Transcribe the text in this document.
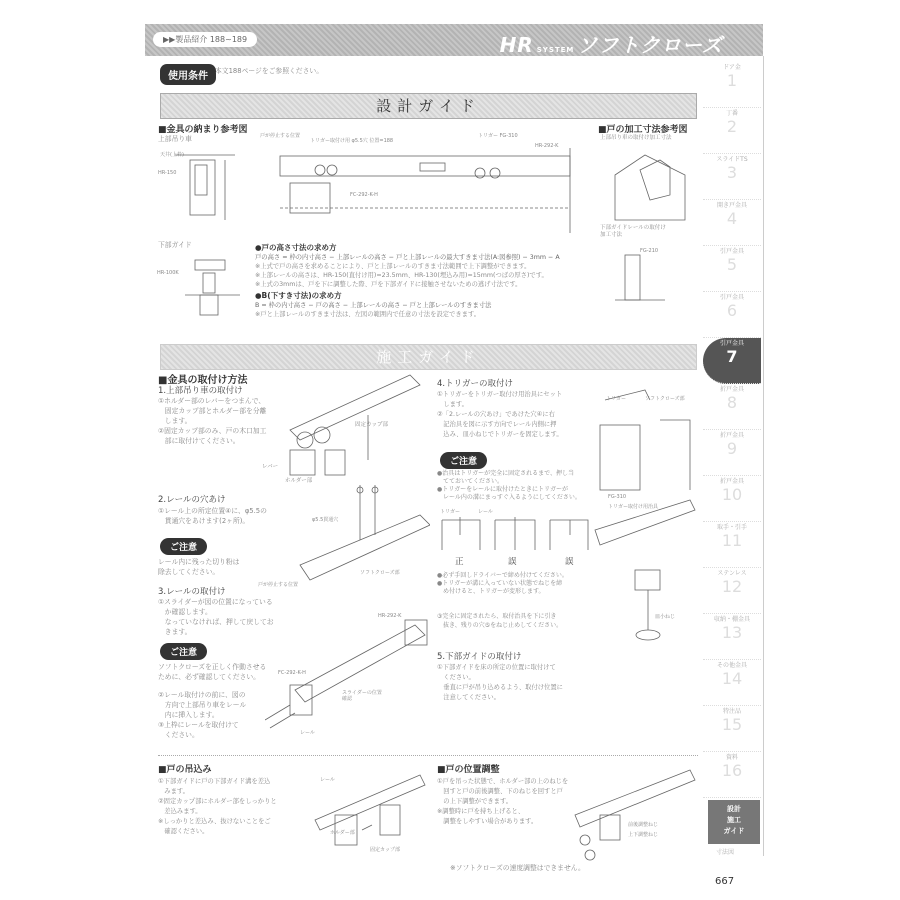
▶▶製品紹介 188~189	HR SYSTEM ソフトクローズ
使用条件	本文188ページをご参照ください。
設計ガイド
■金具の納まり参考図
上部吊り車
天井(上枠)
HR-150
戸が停止する位置
トリガー取付け用 φ5.5穴 位置=188
トリガー FG-310
HR-292-K
FC-292-K-H
■戸の加工寸法参考図
上部吊り車の取付け加工寸法
下部ガイドレールの取付け加工寸法
FG-210
下部ガイド
HR-100K
●戸の高さ寸法の求め方
戸の高さ = 枠の内寸高さ − 上部レールの高さ − 戸と上部レールの最大すきま寸法(A:図参照) − 3mm − A
※上式で戸の高さを求めることにより、戸と上部レールのすきま寸法範囲で上下調整ができます。
※上部レールの高さは、HR-150(直付け用)=23.5mm、HR-130(埋込み用)=15mm(つばの厚さ)です。
※上式の3mmは、戸を下に調整した際、戸を下部ガイドに接触させないための逃げ寸法です。
●B(下すき寸法)の求め方
B = 枠の内寸高さ − 戸の高さ − 上部レールの高さ − 戸と上部レールのすきま寸法
※戸と上部レールのすきま寸法は、左図の範囲内で任意の寸法を設定できます。
施工ガイド
■金具の取付け方法
1.上部吊り車の取付け
①ホルダー部のレバーをつまんで、
　固定カップ部とホルダー部を分離
　します。
②固定カップ部のみ、戸の木口加工
　部に取付けてください。
固定カップ部
レバー
ホルダー部
2.レールの穴あけ
①レール上の所定位置④に、φ5.5の
　貫通穴をあけます(2ヶ所)。
ご注意
レール内に残った切り粉は
除去してください。
φ5.5貫通穴
戸が停止する位置
ソフトクローズ部
3.レールの取付け
①スライダーが図の位置になっている
　か確認します。
　なっていなければ、押して戻してお
　きます。
ご注意
ソフトクローズを正しく作動させる
ために、必ず確認してください。
②レール取付けの前に、図の
　方向で上部吊り車をレール
　内に挿入します。
③上枠にレールを取付けて
　ください。
FC-292-K-H
HR-292-K
スライダーの位置確認
レール
4.トリガーの取付け
①トリガーをトリガー取付け用治具にセット
　します。
②「2.レールの穴あけ」であけた穴④に右
　記治具を図に示す方向でレール内側に押
　込み、皿小ねじでトリガーを固定します。
ご注意
●治具はトリガーが完全に固定されるまで、押し当
　てておいてください。
●トリガーをレールに取付けたときにトリガーが
　レール内の溝にまっすぐ入るようにしてください。
トリガー	レール
正	誤	誤
●必ず手回しドライバーで締め付けてください。
●トリガーが溝に入っていない状態でねじを締
　め付けると、トリガーが変形します。
③完全に固定されたら、取付治具を下に引き
　抜き、残りの穴⑤をねじ止めしてください。
トリガー	ソフトクローズ部
FG-310
トリガー取付け用治具
皿小ねじ
5.下部ガイドの取付け
①下部ガイドを床の所定の位置に取付けて
　ください。
　垂直に戸が吊り込めるよう、取付け位置に
　注意してください。
■戸の吊込み
①下部ガイドに戸の下部ガイド溝を差込
　みます。
②固定カップ部にホルダー部をしっかりと
　差込みます。
※しっかりと差込み、抜けないことをご
　確認ください。
レール
ホルダー部
固定カップ部
■戸の位置調整
①戸を吊った状態で、ホルダー部の上のねじを
　回すと戸の前後調整、下のねじを回すと戸
　の上下調整ができます。
※調整時に戸を持ち上げると、
　調整をしやすい場合があります。	前後調整ねじ
上下調整ねじ
※ソフトクローズの速度調整はできません。
ドア金
1
丁番
2
スライドTS
3
開き戸金具
4
引戸金具
5
引戸金具
6
引戸金具
7
折戸金具
8
折戸金具
9
折戸金具
10
取手・引手
11
ステンレス
12
収納・棚金具
13
その他金具
14
特注品
15
資料
16
設計
施工
ガイド
寸法図
667
